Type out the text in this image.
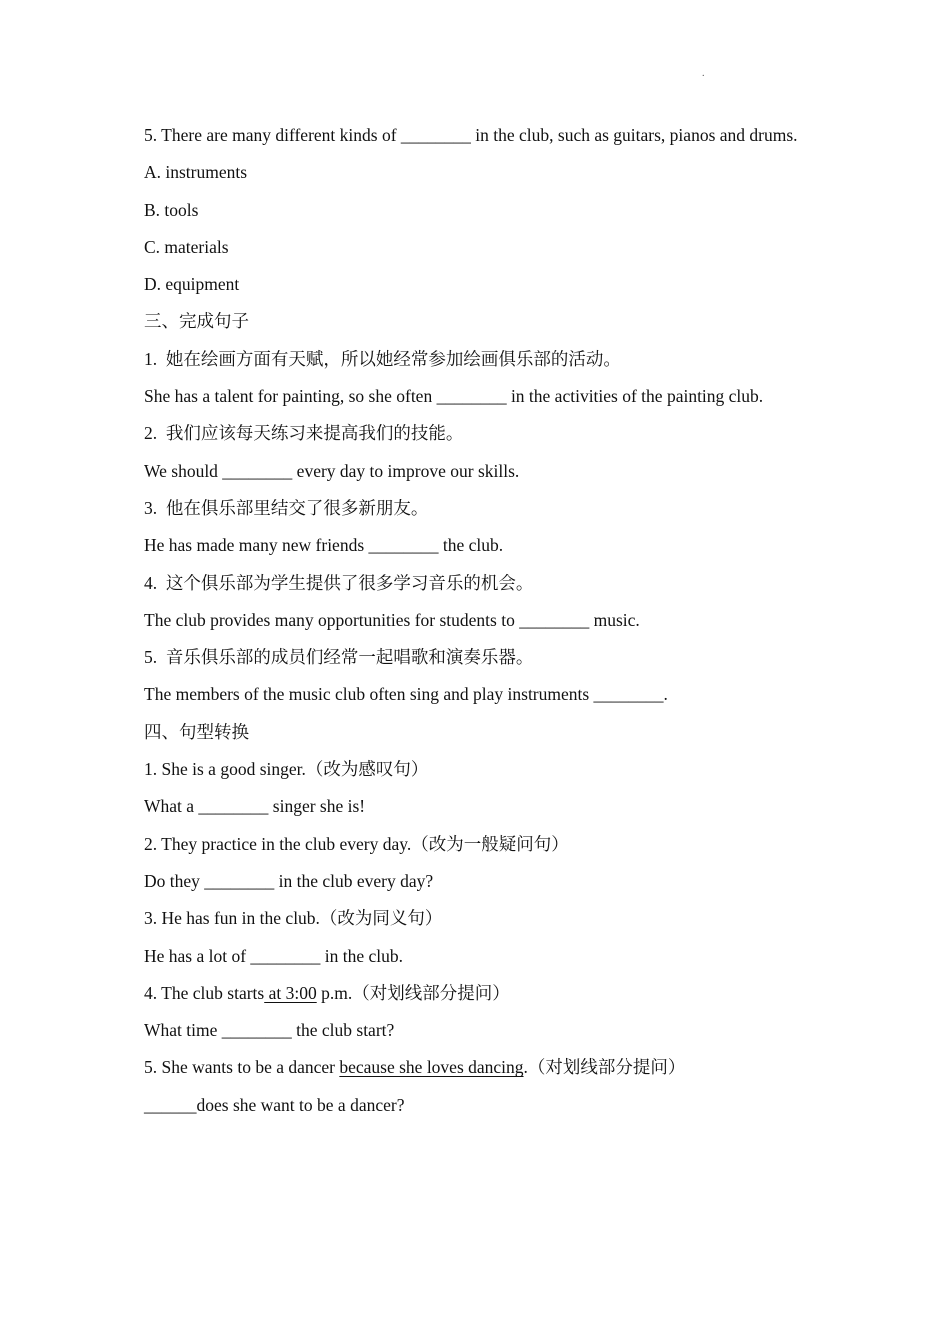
.

5. There are many different kinds of ________ in the club, such as guitars, pianos and drums.

A. instruments

B. tools

C. materials

D. equipment

三、完成句子

1.  她在绘画方面有天赋，所以她经常参加绘画俱乐部的活动。

She has a talent for painting, so she often ________ in the activities of the painting club.

2.  我们应该每天练习来提高我们的技能。

We should ________ every day to improve our skills.

3.  他在俱乐部里结交了很多新朋友。

He has made many new friends ________ the club.

4.  这个俱乐部为学生提供了很多学习音乐的机会。

The club provides many opportunities for students to ________ music.

5.  音乐俱乐部的成员们经常一起唱歌和演奏乐器。

The members of the music club often sing and play instruments ________.

四、句型转换

1. She is a good singer.（改为感叹句）

What a ________ singer she is!

2. They practice in the club every day.（改为一般疑问句）

Do they ________ in the club every day?

3. He has fun in the club.（改为同义句）

He has a lot of ________ in the club.

4. The club starts at 3:00 p.m.（对划线部分提问）

What time ________ the club start?

5. She wants to be a dancer because she loves dancing.（对划线部分提问）

______does she want to be a dancer?
